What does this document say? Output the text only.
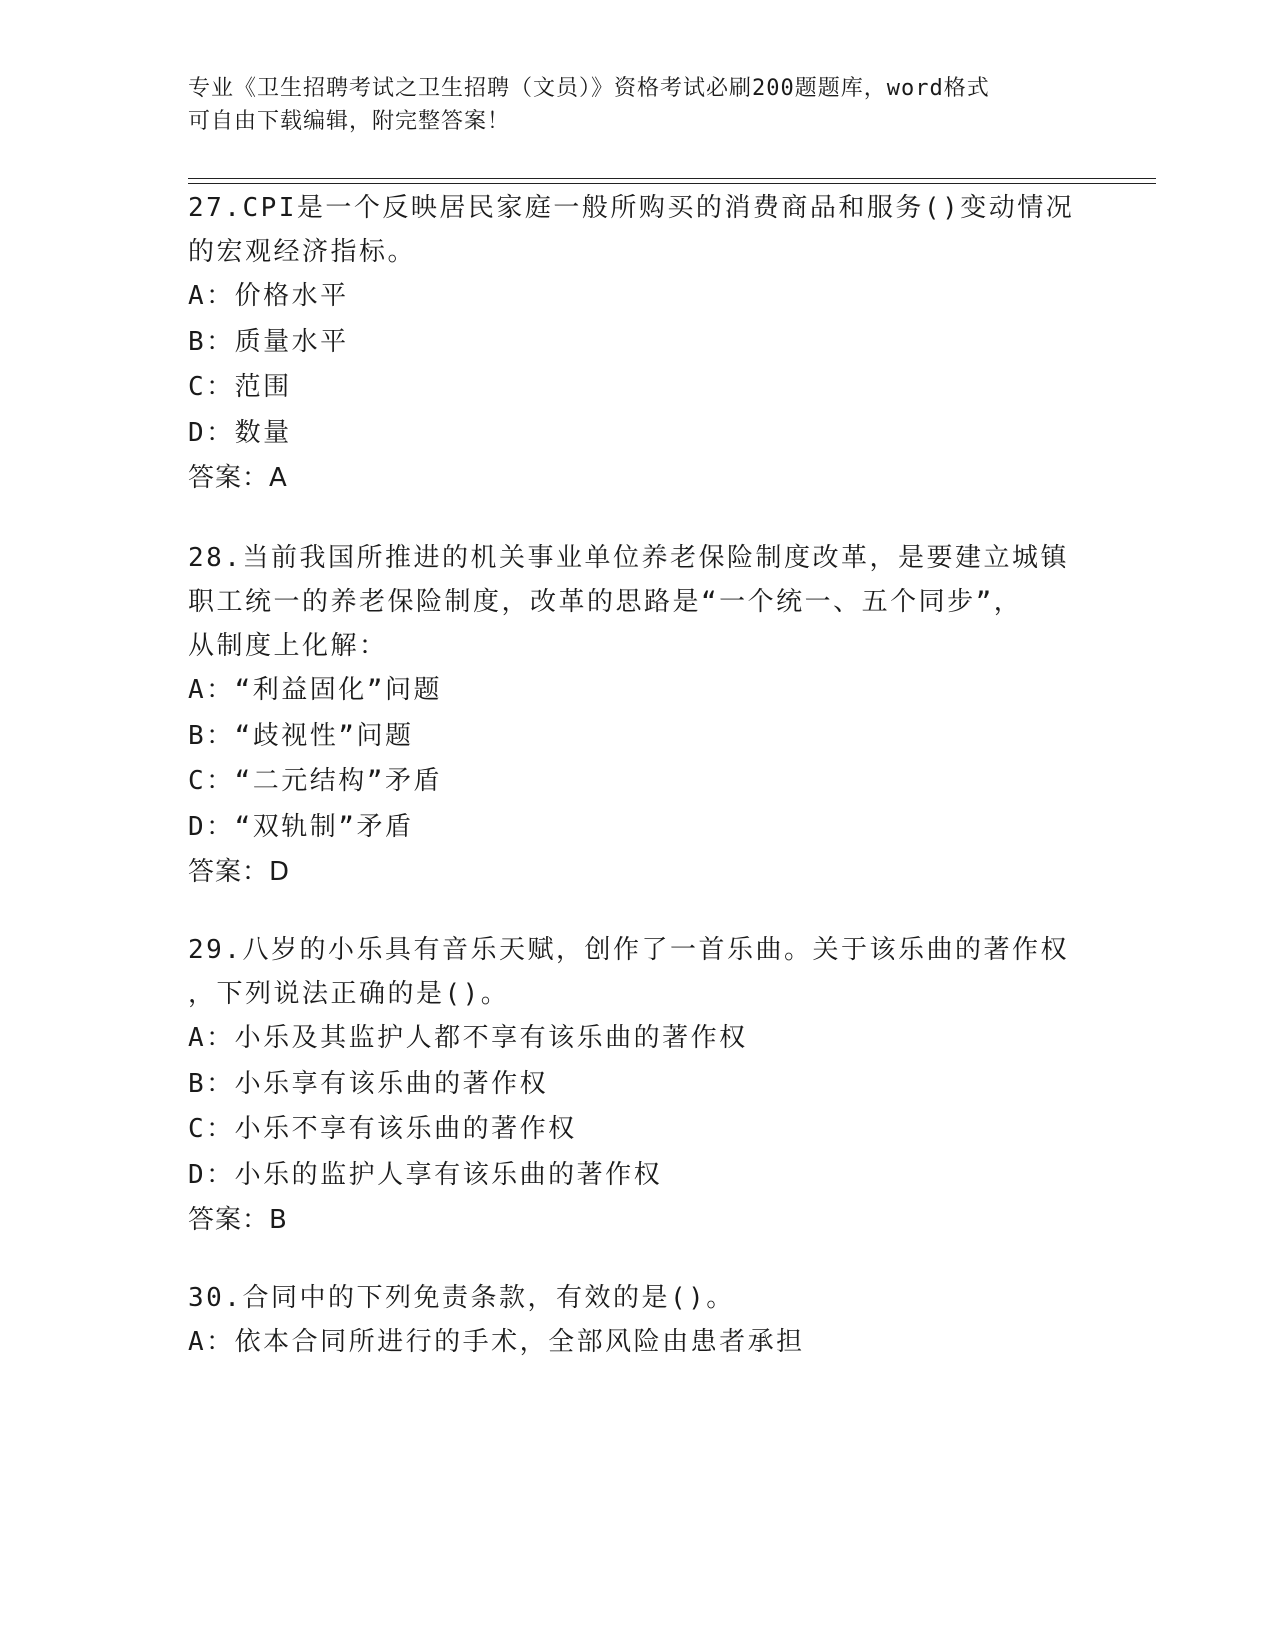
专业《卫生招聘考试之卫生招聘（文员）》资格考试必刷200题题库，word格式
可自由下载编辑，附完整答案！
27.CPI是一个反映居民家庭一般所购买的消费商品和服务()变动情况
的宏观经济指标。
A：价格水平
B：质量水平
C：范围
D：数量
答案：A
28.当前我国所推进的机关事业单位养老保险制度改革，是要建立城镇
职工统一的养老保险制度，改革的思路是“一个统一、五个同步”，
从制度上化解：
A：“利益固化”问题
B：“歧视性”问题
C：“二元结构”矛盾
D：“双轨制”矛盾
答案：D
29.八岁的小乐具有音乐天赋，创作了一首乐曲。关于该乐曲的著作权
，下列说法正确的是()。
A：小乐及其监护人都不享有该乐曲的著作权
B：小乐享有该乐曲的著作权
C：小乐不享有该乐曲的著作权
D：小乐的监护人享有该乐曲的著作权
答案：B
30.合同中的下列免责条款，有效的是()。
A：依本合同所进行的手术，全部风险由患者承担
